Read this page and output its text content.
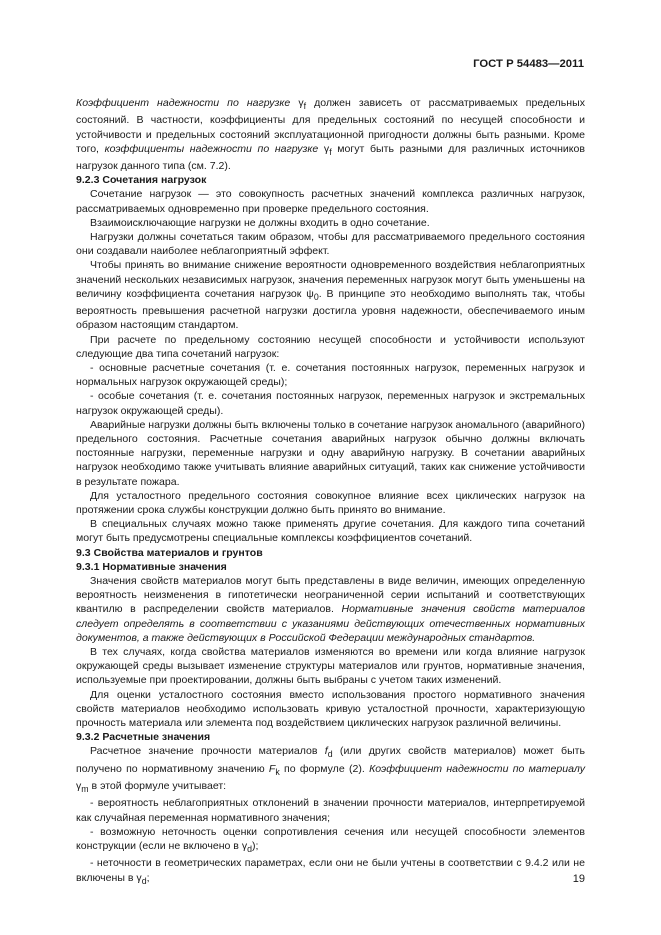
ГОСТ Р 54483—2011

Коэффициент надежности по нагрузке $\gamma_f$ должен зависеть от рассматриваемых предельных состояний. В частности, коэффициенты для предельных состояний по несущей способности и устойчивости и предельных состояний эксплуатационной пригодности должны быть разными. Кроме того, коэффициенты надежности по нагрузке $\gamma_f$ могут быть разными для различных источников нагрузок данного типа (см. 7.2).

9.2.3 Сочетания нагрузок

Сочетание нагрузок — это совокупность расчетных значений комплекса различных нагрузок, рассматриваемых одновременно при проверке предельного состояния.

Взаимоисключающие нагрузки не должны входить в одно сочетание.

Нагрузки должны сочетаться таким образом, чтобы для рассматриваемого предельного состояния они создавали наиболее неблагоприятный эффект.

Чтобы принять во внимание снижение вероятности одновременного воздействия неблагоприятных значений нескольких независимых нагрузок, значения переменных нагрузок могут быть уменьшены на величину коэффициента сочетания нагрузок $\psi_0$. В принципе это необходимо выполнять так, чтобы вероятность превышения расчетной нагрузки достигла уровня надежности, обеспечиваемого иным образом настоящим стандартом.

При расчете по предельному состоянию несущей способности и устойчивости используют следующие два типа сочетаний нагрузок:

- основные расчетные сочетания (т. е. сочетания постоянных нагрузок, переменных нагрузок и нормальных нагрузок окружающей среды);

- особые сочетания (т. е. сочетания постоянных нагрузок, переменных нагрузок и экстремальных нагрузок окружающей среды).

Аварийные нагрузки должны быть включены только в сочетание нагрузок аномального (аварийного) предельного состояния. Расчетные сочетания аварийных нагрузок обычно должны включать постоянные нагрузки, переменные нагрузки и одну аварийную нагрузку. В сочетании аварийных нагрузок необходимо также учитывать влияние аварийных ситуаций, таких как снижение устойчивости в результате пожара.

Для усталостного предельного состояния совокупное влияние всех циклических нагрузок на протяжении срока службы конструкции должно быть принято во внимание.

В специальных случаях можно также применять другие сочетания. Для каждого типа сочетаний могут быть предусмотрены специальные комплексы коэффициентов сочетаний.

9.3 Свойства материалов и грунтов

9.3.1 Нормативные значения

Значения свойств материалов могут быть представлены в виде величин, имеющих определенную вероятность неизменения в гипотетически неограниченной серии испытаний и соответствующих квантилю в распределении свойств материалов. Нормативные значения свойств материалов следует определять в соответствии с указаниями действующих отечественных нормативных документов, а также действующих в Российской Федерации международных стандартов.

В тех случаях, когда свойства материалов изменяются во времени или когда влияние нагрузок окружающей среды вызывает изменение структуры материалов или грунтов, нормативные значения, используемые при проектировании, должны быть выбраны с учетом таких изменений.

Для оценки усталостного состояния вместо использования простого нормативного значения свойств материалов необходимо использовать кривую усталостной прочности, характеризующую прочность материала или элемента под воздействием циклических нагрузок различной величины.

9.3.2 Расчетные значения

Расчетное значение прочности материалов $f_d$ (или других свойств материалов) может быть получено по нормативному значению $F_k$ по формуле (2). Коэффициент надежности по материалу $\gamma_m$ в этой формуле учитывает:

- вероятность неблагоприятных отклонений в значении прочности материалов, интерпретируемой как случайная переменная нормативного значения;

- возможную неточность оценки сопротивления сечения или несущей способности элементов конструкции (если не включено в $\gamma_d$);

- неточности в геометрических параметрах, если они не были учтены в соответствии с 9.4.2 или не включены в $\gamma_d$;	19
